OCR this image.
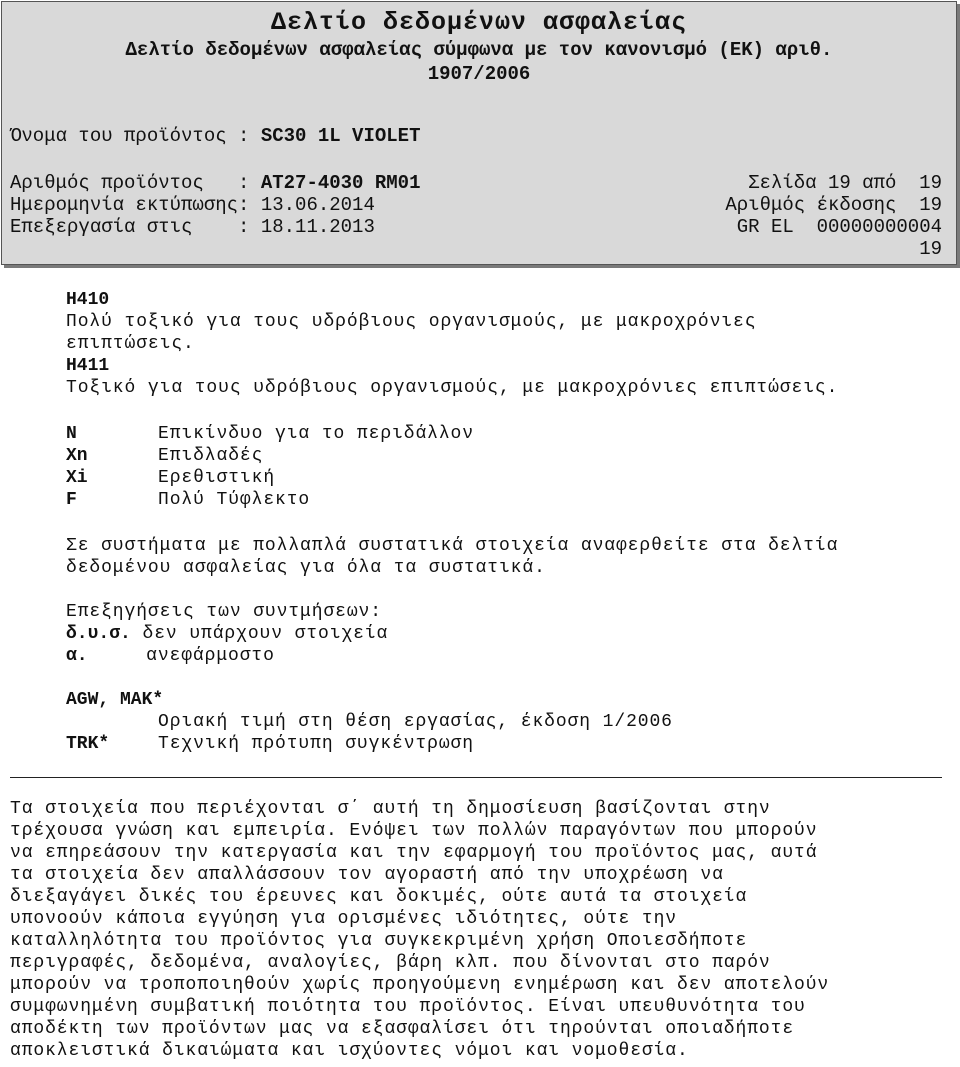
Δελτίο δεδομένων ασφαλείας
Δελτίο δεδομένων ασφαλείας σύμφωνα με τον κανονισμό (ΕΚ) αριθ.
1907/2006
Όνομα του προϊόντος : SC30 1L VIOLET
Αριθμός προϊόντος   : AT27-4030 RM01
Ημερομηνία εκτύπωσης: 13.06.2014
Επεξεργασία στις    : 18.11.2013
Σελίδα 19 από  19
Αριθμός έκδοσης  19
GR EL  00000000004
19
H410
Πολύ τοξικό για τους υδρόβιους οργανισμούς, με μακροχρόνιες
επιπτώσεις.
H411
Τοξικό για τους υδρόβιους οργανισμούς, με μακροχρόνιες επιπτώσεις.
N	Επικίνδυο για το περιδάλλον
Xn	Επιδλαδές
Xi	Ερεθιστική
F	Πολύ Τύφλεκτο
Σε συστήματα με πολλαπλά συστατικά στοιχεία αναφερθείτε στα δελτία
δεδομένου ασφαλείας για όλα τα συστατικά.
Επεξηγήσεις των συντμήσεων:
δ.υ.σ. δεν υπάρχουν στοιχεία
α.     ανεφάρμοστο
AGW, MAK*
Οριακή τιμή στη θέση εργασίας, έκδοση 1/2006
TRK*	Τεχνική πρότυπη συγκέντρωση
Τα στοιχεία που περιέχονται σ΄ αυτή τη δημοσίευση βασίζονται στην
τρέχουσα γνώση και εμπειρία. Ενόψει των πολλών παραγόντων που μπορούν
να επηρεάσουν την κατεργασία και την εφαρμογή του προϊόντος μας, αυτά
τα στοιχεία δεν απαλλάσσουν τον αγοραστή από την υποχρέωση να
διεξαγάγει δικές του έρευνες και δοκιμές, ούτε αυτά τα στοιχεία
υπονοούν κάποια εγγύηση για ορισμένες ιδιότητες, ούτε την
καταλληλότητα του προϊόντος για συγκεκριμένη χρήση Οποιεσδήποτε
περιγραφές, δεδομένα, αναλογίες, βάρη κλπ. που δίνονται στο παρόν
μπορούν να τροποποιηθούν χωρίς προηγούμενη ενημέρωση και δεν αποτελούν
συμφωνημένη συμβατική ποιότητα του προϊόντος. Είναι υπευθυνότητα του
αποδέκτη των προϊόντων μας να εξασφαλίσει ότι τηρούνται οποιαδήποτε
αποκλειστικά δικαιώματα και ισχύοντες νόμοι και νομοθεσία.
